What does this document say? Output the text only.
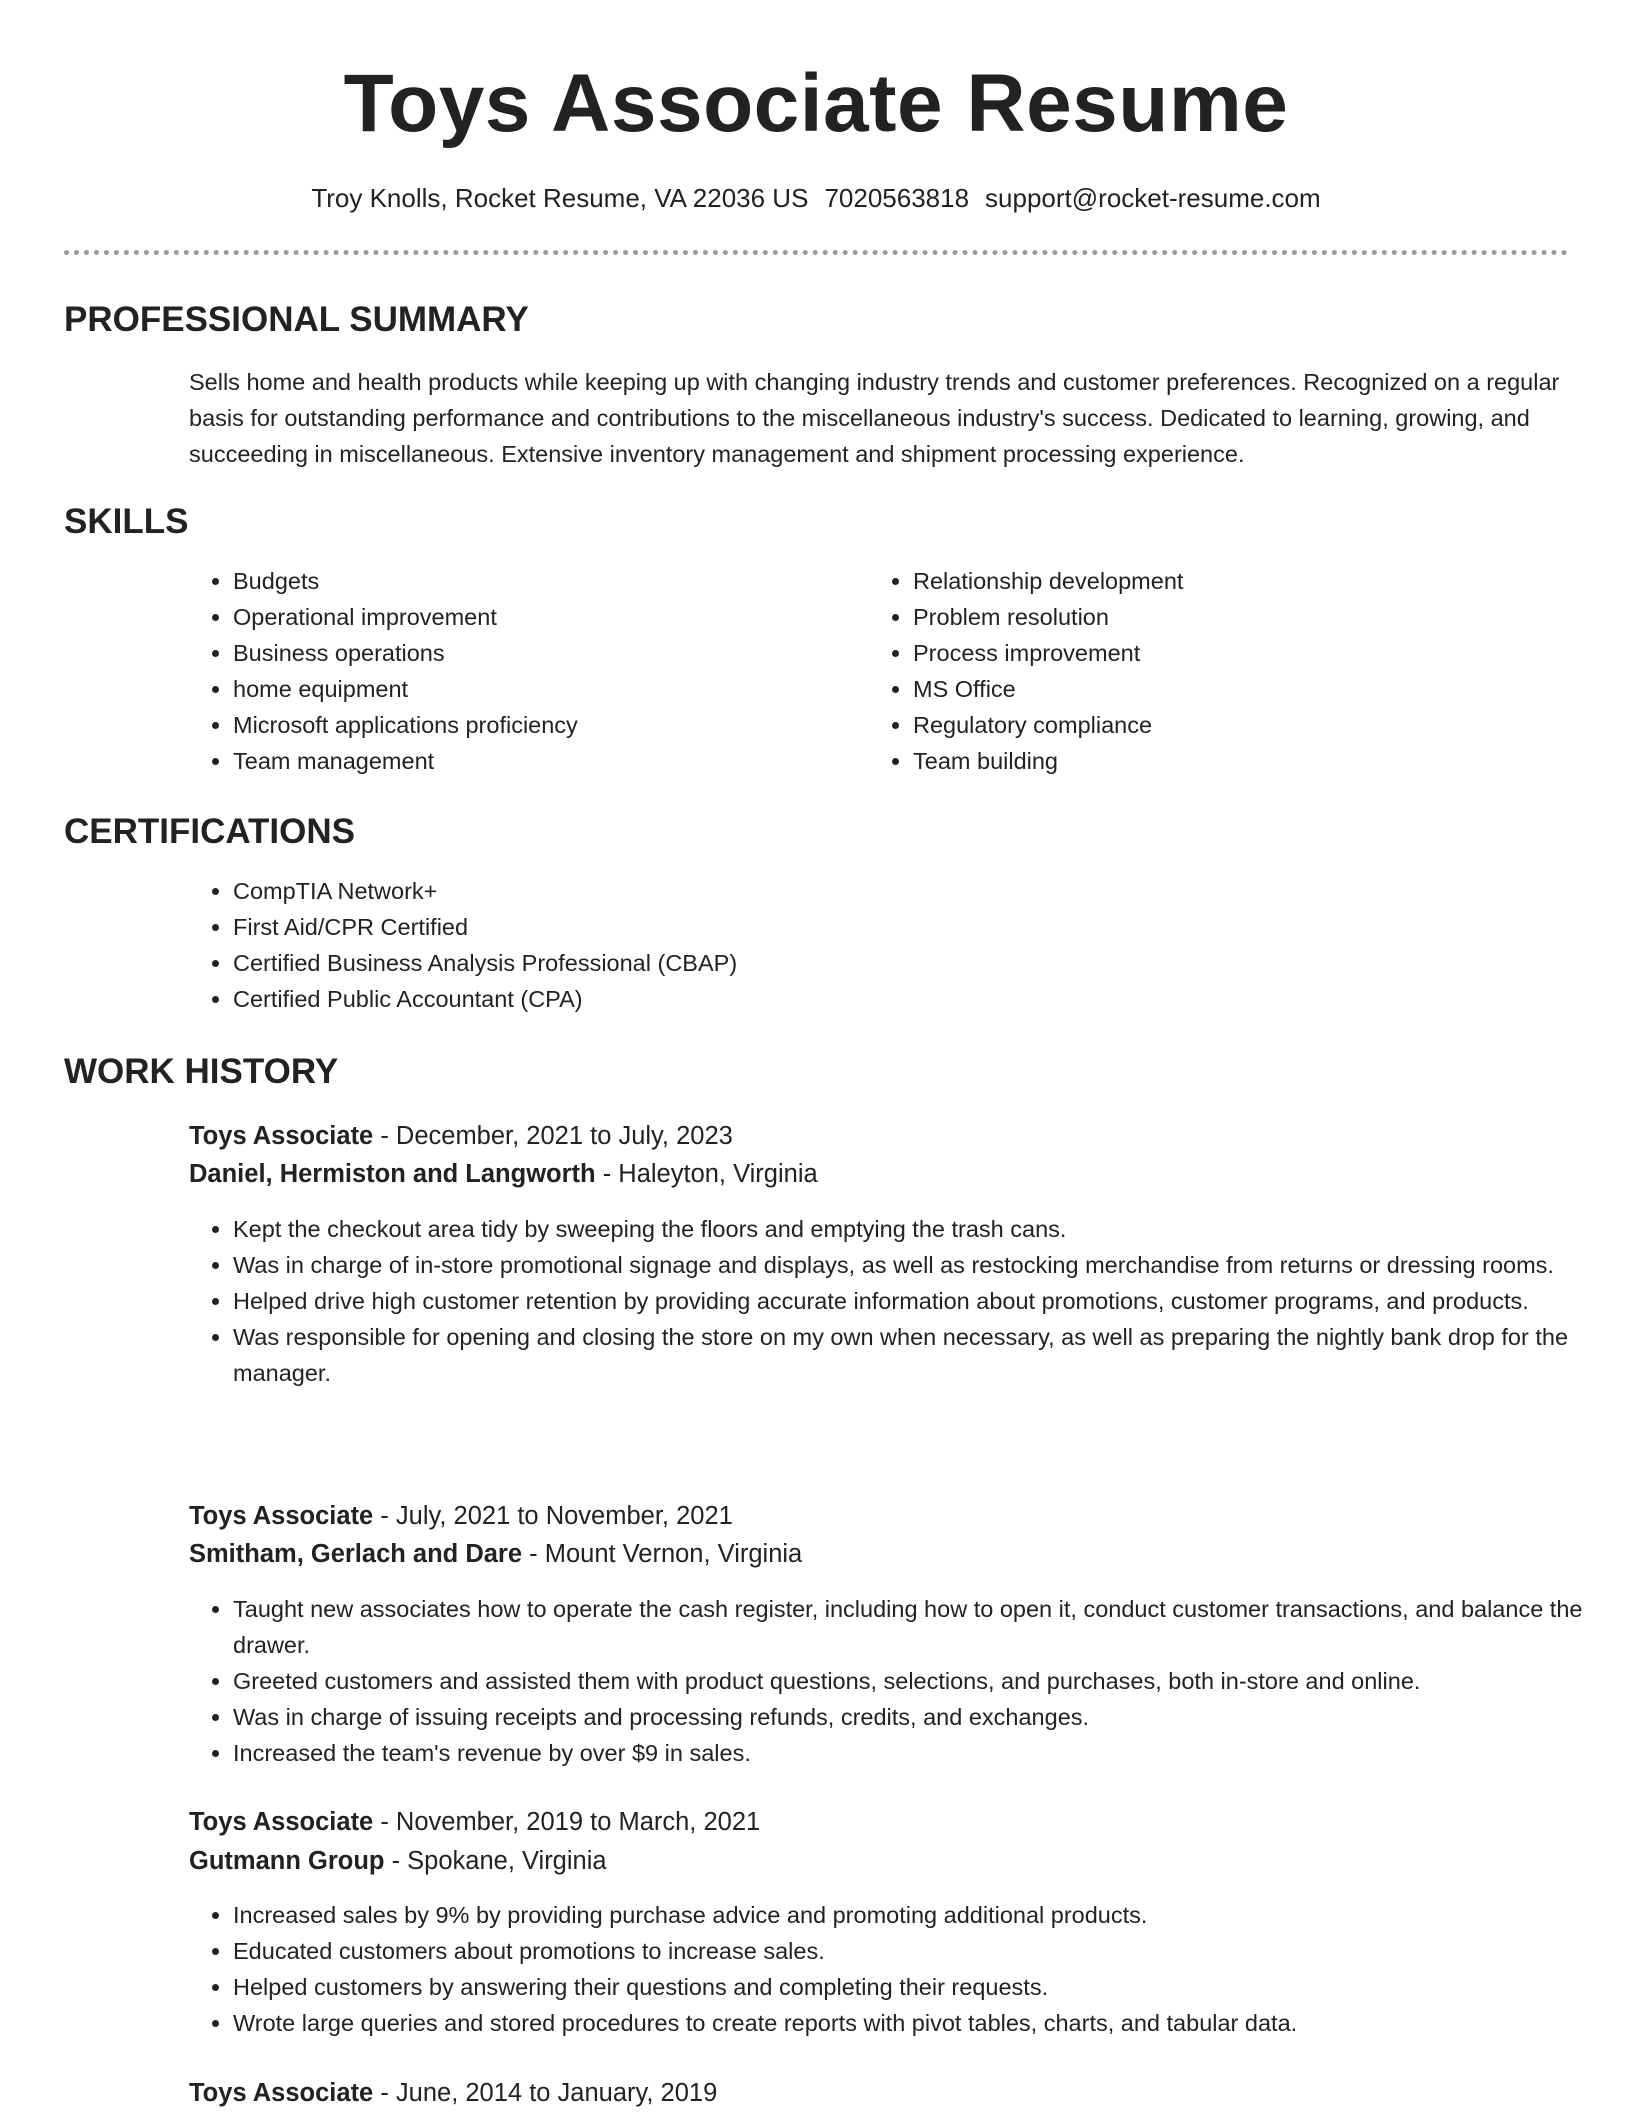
Toys Associate Resume
Troy Knolls, Rocket Resume, VA 22036 US 7020563818 support@rocket-resume.com
PROFESSIONAL SUMMARY

Sells home and health products while keeping up with changing industry trends and customer preferences. Recognized on a regular basis for outstanding performance and contributions to the miscellaneous industry's success. Dedicated to learning, growing, and succeeding in miscellaneous. Extensive inventory management and shipment processing experience.

SKILLS
• Budgets
• Operational improvement
• Business operations
• home equipment
• Microsoft applications proficiency
• Team management
• Relationship development
• Problem resolution
• Process improvement
• MS Office
• Regulatory compliance
• Team building
CERTIFICATIONS
• CompTIA Network+
• First Aid/CPR Certified
• Certified Business Analysis Professional (CBAP)
• Certified Public Accountant (CPA)
WORK HISTORY
Toys Associate - December, 2021 to July, 2023
Daniel, Hermiston and Langworth - Haleyton, Virginia
• Kept the checkout area tidy by sweeping the floors and emptying the trash cans.
• Was in charge of in-store promotional signage and displays, as well as restocking merchandise from returns or dressing rooms.
• Helped drive high customer retention by providing accurate information about promotions, customer programs, and products.
• Was responsible for opening and closing the store on my own when necessary, as well as preparing the nightly bank drop for the manager.
Toys Associate - July, 2021 to November, 2021
Smitham, Gerlach and Dare - Mount Vernon, Virginia
• Taught new associates how to operate the cash register, including how to open it, conduct customer transactions, and balance the drawer.
• Greeted customers and assisted them with product questions, selections, and purchases, both in-store and online.
• Was in charge of issuing receipts and processing refunds, credits, and exchanges.
• Increased the team's revenue by over $9 in sales.
Toys Associate - November, 2019 to March, 2021
Gutmann Group - Spokane, Virginia
• Increased sales by 9% by providing purchase advice and promoting additional products.
• Educated customers about promotions to increase sales.
• Helped customers by answering their questions and completing their requests.
• Wrote large queries and stored procedures to create reports with pivot tables, charts, and tabular data.
Toys Associate - June, 2014 to January, 2019
